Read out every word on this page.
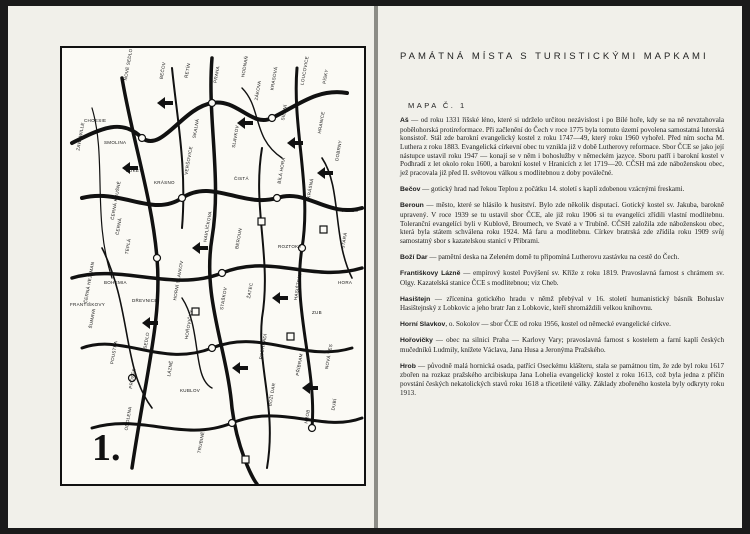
ZAWAWILLE
CHOESIE
SMOLINA
NOVÉ SEDLO
LOKET
ČERNÁ HEJTMAN
ŠUMAVA
POUSTKA
ČERNÁ
ČERNÁ KRUŠNÉ
BEČOV
KRÁSNO
ŘETÍN
SKALNÁ
VERŠOVICE
PRAHA
HAVLÍČKOVA
HODNAŇ
SLAVKOV
ZÁKOVA
ČISTÁ
BEROUN
STAŠKOV
KRASOVÁ
SILENÍ
BÍLÁ HORA
LOUCOVICE
HRANICE
KRÁSNÁ
PÍSKY
DOBRNY
STARÁ
FRANTIŠKOVY
BOHEMIA
TEPLÁ
DŘEVNICE
SEDLO
PROSEK
ODOLENA
LÁZNĚ
HORNÍ SLAVKOV
HOŘOVIČKY
KUBLOV
TRUBINĚ
ŽATEC
PODHRADÍ
BOŽÍ DAR
ROZTOKY
HASIŠTEJN
PŘÍBRAM
HROB
ZUB
NOVÁ VES
DUBÍ
HORA
PLZEŇ
1.
PAMÁTNÁ MÍSTA S TURISTICKÝMI MAPKAMI
MAPA Č. 1

Aš — od roku 1331 říšské léno, které si udrželo určitou nezávislost i po Bílé hoře, kdy se na ně nevztahovala pobělohorská protireformace. Při začlenění do Čech v roce 1775 byla tomuto území povolena samostatná luterská konsistoř. Stál zde barokní evangelický kostel z roku 1747—49, který roku 1960 vyhořel. Před ním socha M. Luthera z roku 1883. Evangelická církevní obec tu vznikla již v době Lutherovy reformace. Sbor ČCE se jako její nástupce ustavil roku 1947 — konají se v něm i bohoslužby v německém jazyce. Sboru patří i barokní kostel v Podhradí z let okolo roku 1600, a barokní kostel v Hranicích z let 1719—20. CČSH má zde náboženskou obec, jež pracovala již před II. světovou válkou s modlitebnou z doby poválečné.

Bečov — gotický hrad nad řekou Teplou z počátku 14. století s kaplí zdobenou vzácnými freskami.

Beroun — město, které se hlásilo k husitství. Bylo zde několik disputací. Gotický kostel sv. Jakuba, barokně upravený. V roce 1939 se tu ustavil sbor ČCE, ale již roku 1906 si tu evangelíci zřídili vlastní modlitebnu. Toleranční evangelíci byli v Kublově, Broumech, ve Svaté a v Trubíně. CČSH založila zde náboženskou obec, která byla státem schválena roku 1924. Má faru a modlitebnu. Církev bratrská zde zřídila roku 1909 svůj samostatný sbor s kazatelskou stanicí v Příbrami.

Boží Dar — pamětní deska na Zeleném domě tu připomíná Lutherovu zastávku na cestě do Čech.

Františkovy Lázně — empírový kostel Povýšení sv. Kříže z roku 1819. Pravoslavná farnost s chrámem sv. Olgy. Kazatelská stanice ČCE s modlitebnou; viz Cheb.

Hasištejn — zřícenina gotického hradu v němž přebýval v 16. století humanistický básník Bohuslav Hasištejnský z Lobkovic a jeho bratr Jan z Lobkovic, kteří shromáždili velkou knihovnu.

Horní Slavkov, o. Sokolov — sbor ČCE od roku 1956, kostel od německé evangelické církve.

Hořovičky — obec na silnici Praha — Karlovy Vary; pravoslavná farnost s kostelem a farní kaplí českých mučedníků Ludmily, knížete Václava, Jana Husa a Jeronýma Pražského.

Hrob — původně malá hornická osada, patřící Oseckému klášteru, stala se památnou tím, že zde byl roku 1617 zbořen na rozkaz pražského arcibiskupa Jana Lohelia evangelický kostel z roku 1613, což byla jedna z příčin povstání českých nekatolických stavů roku 1618 a třicetileté války. Základy zbořeného kostela byly odkryty roku 1913.
